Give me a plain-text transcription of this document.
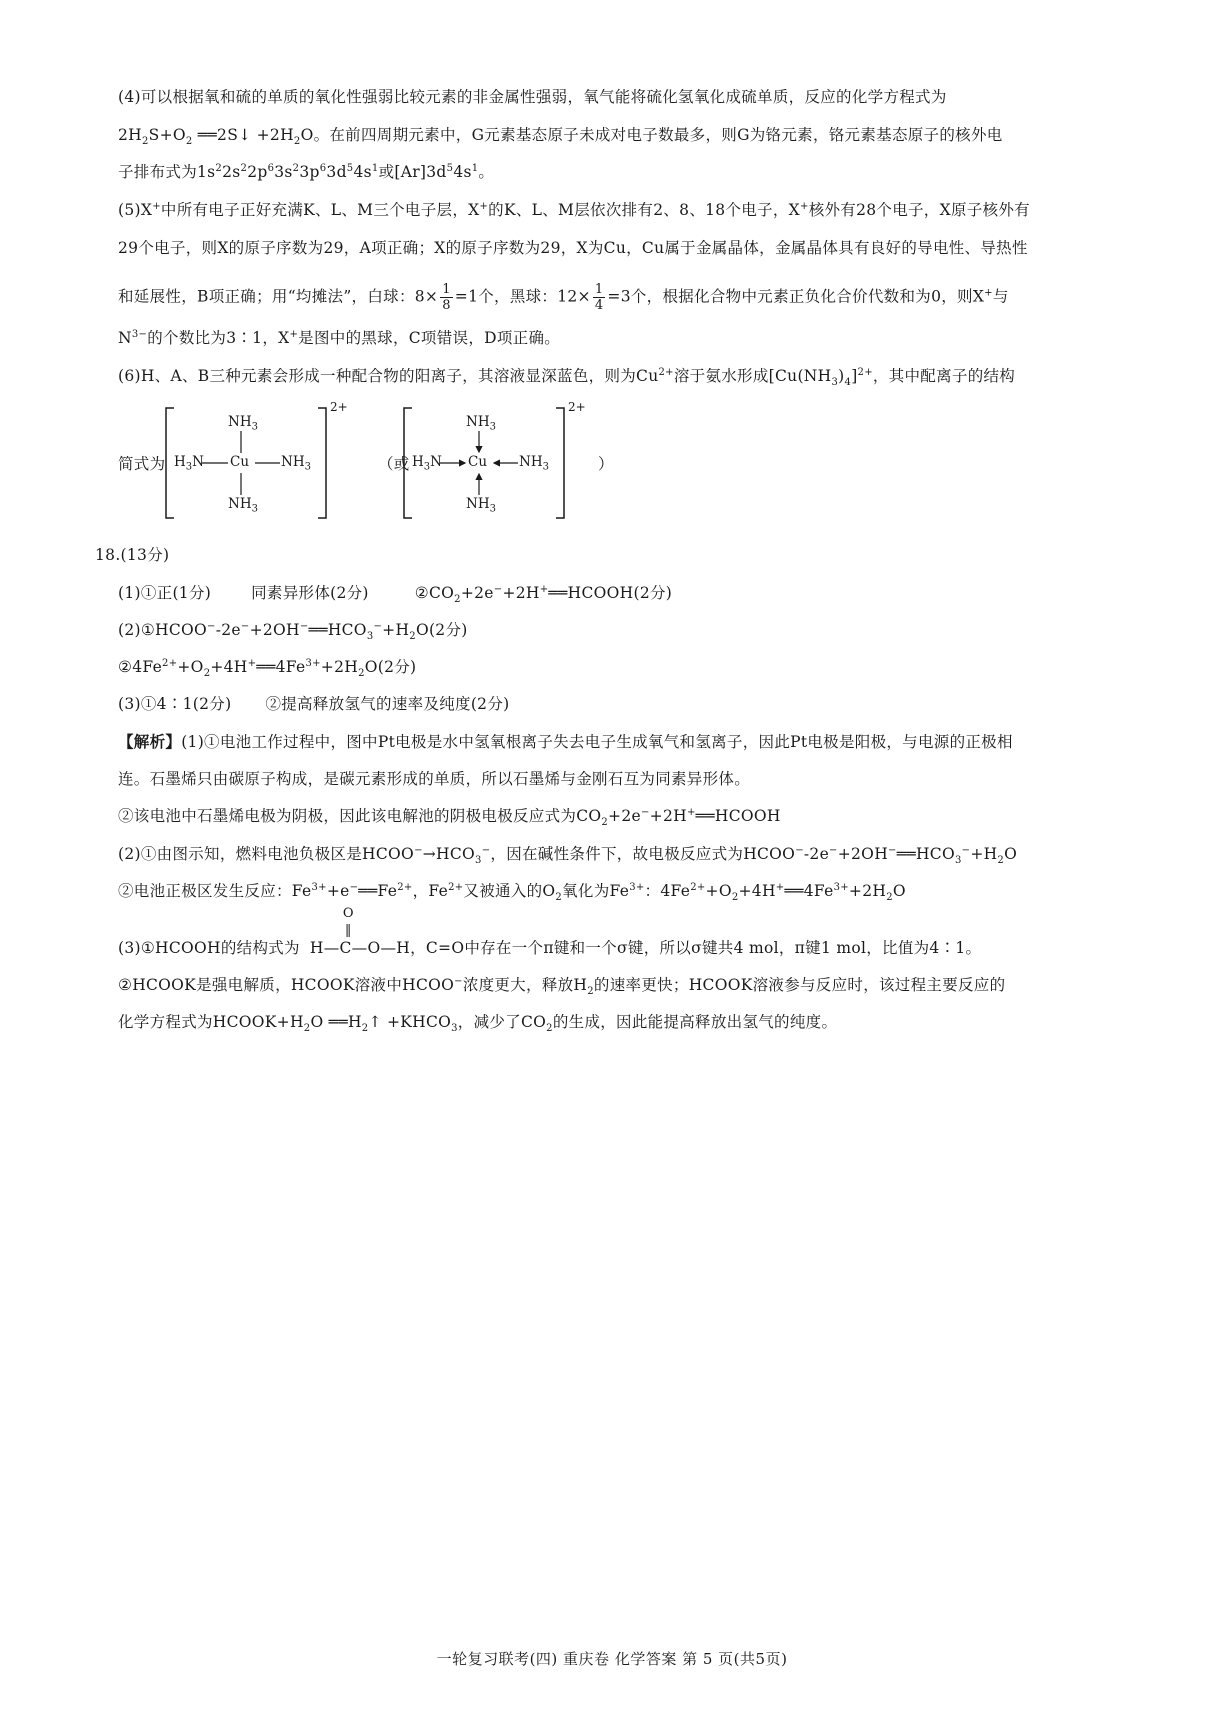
(4)可以根据氧和硫的单质的氧化性强弱比较元素的非金属性强弱，氧气能将硫化氢氧化成硫单质，反应的化学方程式为
$2H_2S+O_2$ ══2S↓ $+2H_2O$。在前四周期元素中，G元素基态原子未成对电子数最多，则G为铬元素，铬元素基态原子的核外电
子排布式为$1s^22s^22p^63s^23p^63d^54s^1$或$[Ar]3d^54s^1$。
(5)X+中所有电子正好充满K、L、M三个电子层，X+的K、L、M层依次排有2、8、18个电子，X+核外有28个电子，X原子核外有
29个电子，则X的原子序数为29，A项正确；X的原子序数为29，X为Cu，Cu属于金属晶体，金属晶体具有良好的导电性、导热性
和延展性，B项正确；用“均摊法”，白球：$8\times \frac{1}{8} =1$个，黑球：$12\times \frac{1}{4} =3$个，根据化合物中元素正负化合价代数和为0，则X+与
$N^{3-}$的个数比为3∶1，X+是图中的黑球，C项错误，D项正确。
(6)H、A、B三种元素会形成一种配合物的阳离子，其溶液显深蓝色，则为$Cu^{2+}$溶于氨水形成$[Cu(NH_3)_4]^{2+}$，其中配离子的结构
简式为
$NH_3$
$H_3N$ Cu $NH_3$
$NH_3$
2+
（或
$NH_3$
$H_3N$ Cu $NH_3$
$NH_3$
2+
）
18.(13分)
(1)①正(1分)	同素异形体(2分)	$②CO_2+2e^-+2H^+══HCOOH(2$分)
$(2)①HCOO^--2e^-+2OH^-══HCO_3^-+H_2O(2$分)
$②4Fe^{2+}+O_2+4H^+══4Fe^{3+}+2H_2O(2$分)
(3)①4∶1(2分) ②提高释放氢气的速率及纯度(2分)
【解析】(1)①电池工作过程中，图中Pt电极是水中氢氧根离子失去电子生成氧气和氢离子，因此Pt电极是阳极，与电源的正极相
连。石墨烯只由碳原子构成，是碳元素形成的单质，所以石墨烯与金刚石互为同素异形体。
②该电池中石墨烯电极为阴极，因此该电解池的阴极电极反应式为$CO_2+2e^-+2H^+══HCOOH$
(2)①由图示知，燃料电池负极区是$HCOO^-\to HCO_3^-$，因在碱性条件下，故电极反应式为$HCOO^--2e^-+2OH^-══HCO_3^-+H_2O$
②电池正极区发生反应：$Fe^{3+}+e^-══Fe^{2+}$，$Fe^{2+}$又被通入的$O_2$氧化为$Fe^{3+}$：$4Fe^{2+}+O_2+4H^+══4Fe^{3+}+2H_2O$
(3)①HCOOH的结构式为
O
‖
H—C—O—H，C=O中存在一个π键和一个σ键，所以σ键共4 mol，π键1 mol，比值为4∶1。
②HCOOK是强电解质，HCOOK溶液中HCOO−浓度更大，释放$H_2$的速率更快；HCOOK溶液参与反应时，该过程主要反应的
化学方程式为$HCOOK+H_2O$ $══H_2↑$ $+KHCO_3$，减少了$CO_2$的生成，因此能提高释放出氢气的纯度。
一轮复习联考(四) 重庆卷 化学答案 第 5 页(共5页)
